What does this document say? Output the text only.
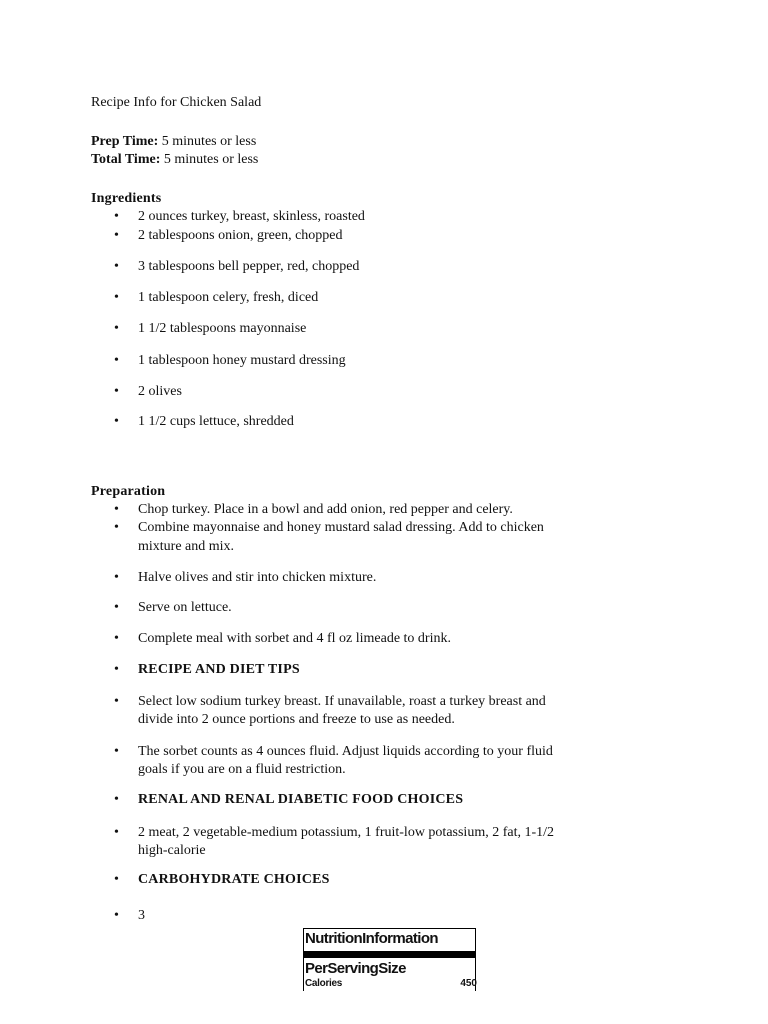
Recipe Info for Chicken Salad
Prep Time: 5 minutes or less
Total Time: 5 minutes or less
Ingredients
• 2 ounces turkey, breast, skinless, roasted
• 2 tablespoons onion, green, chopped
• 3 tablespoons bell pepper, red, chopped
• 1 tablespoon celery, fresh, diced
• 1 1/2 tablespoons mayonnaise
• 1 tablespoon honey mustard dressing
• 2 olives
• 1 1/2 cups lettuce, shredded
Preparation
• Chop turkey. Place in a bowl and add onion, red pepper and celery.
• Combine mayonnaise and honey mustard salad dressing. Add to chicken
mixture and mix.
• Halve olives and stir into chicken mixture.
• Serve on lettuce.
• Complete meal with sorbet and 4 fl oz limeade to drink.
• RECIPE AND DIET TIPS
• Select low sodium turkey breast. If unavailable, roast a turkey breast and
divide into 2 ounce portions and freeze to use as needed.
• The sorbet counts as 4 ounces fluid. Adjust liquids according to your fluid
goals if you are on a fluid restriction.
• RENAL AND RENAL DIABETIC FOOD CHOICES
• 2 meat, 2 vegetable-medium potassium, 1 fruit-low potassium, 2 fat, 1-1/2
high-calorie
• CARBOHYDRATE CHOICES
• 3
NutritionInformation
PerServingSize
Calories	450
